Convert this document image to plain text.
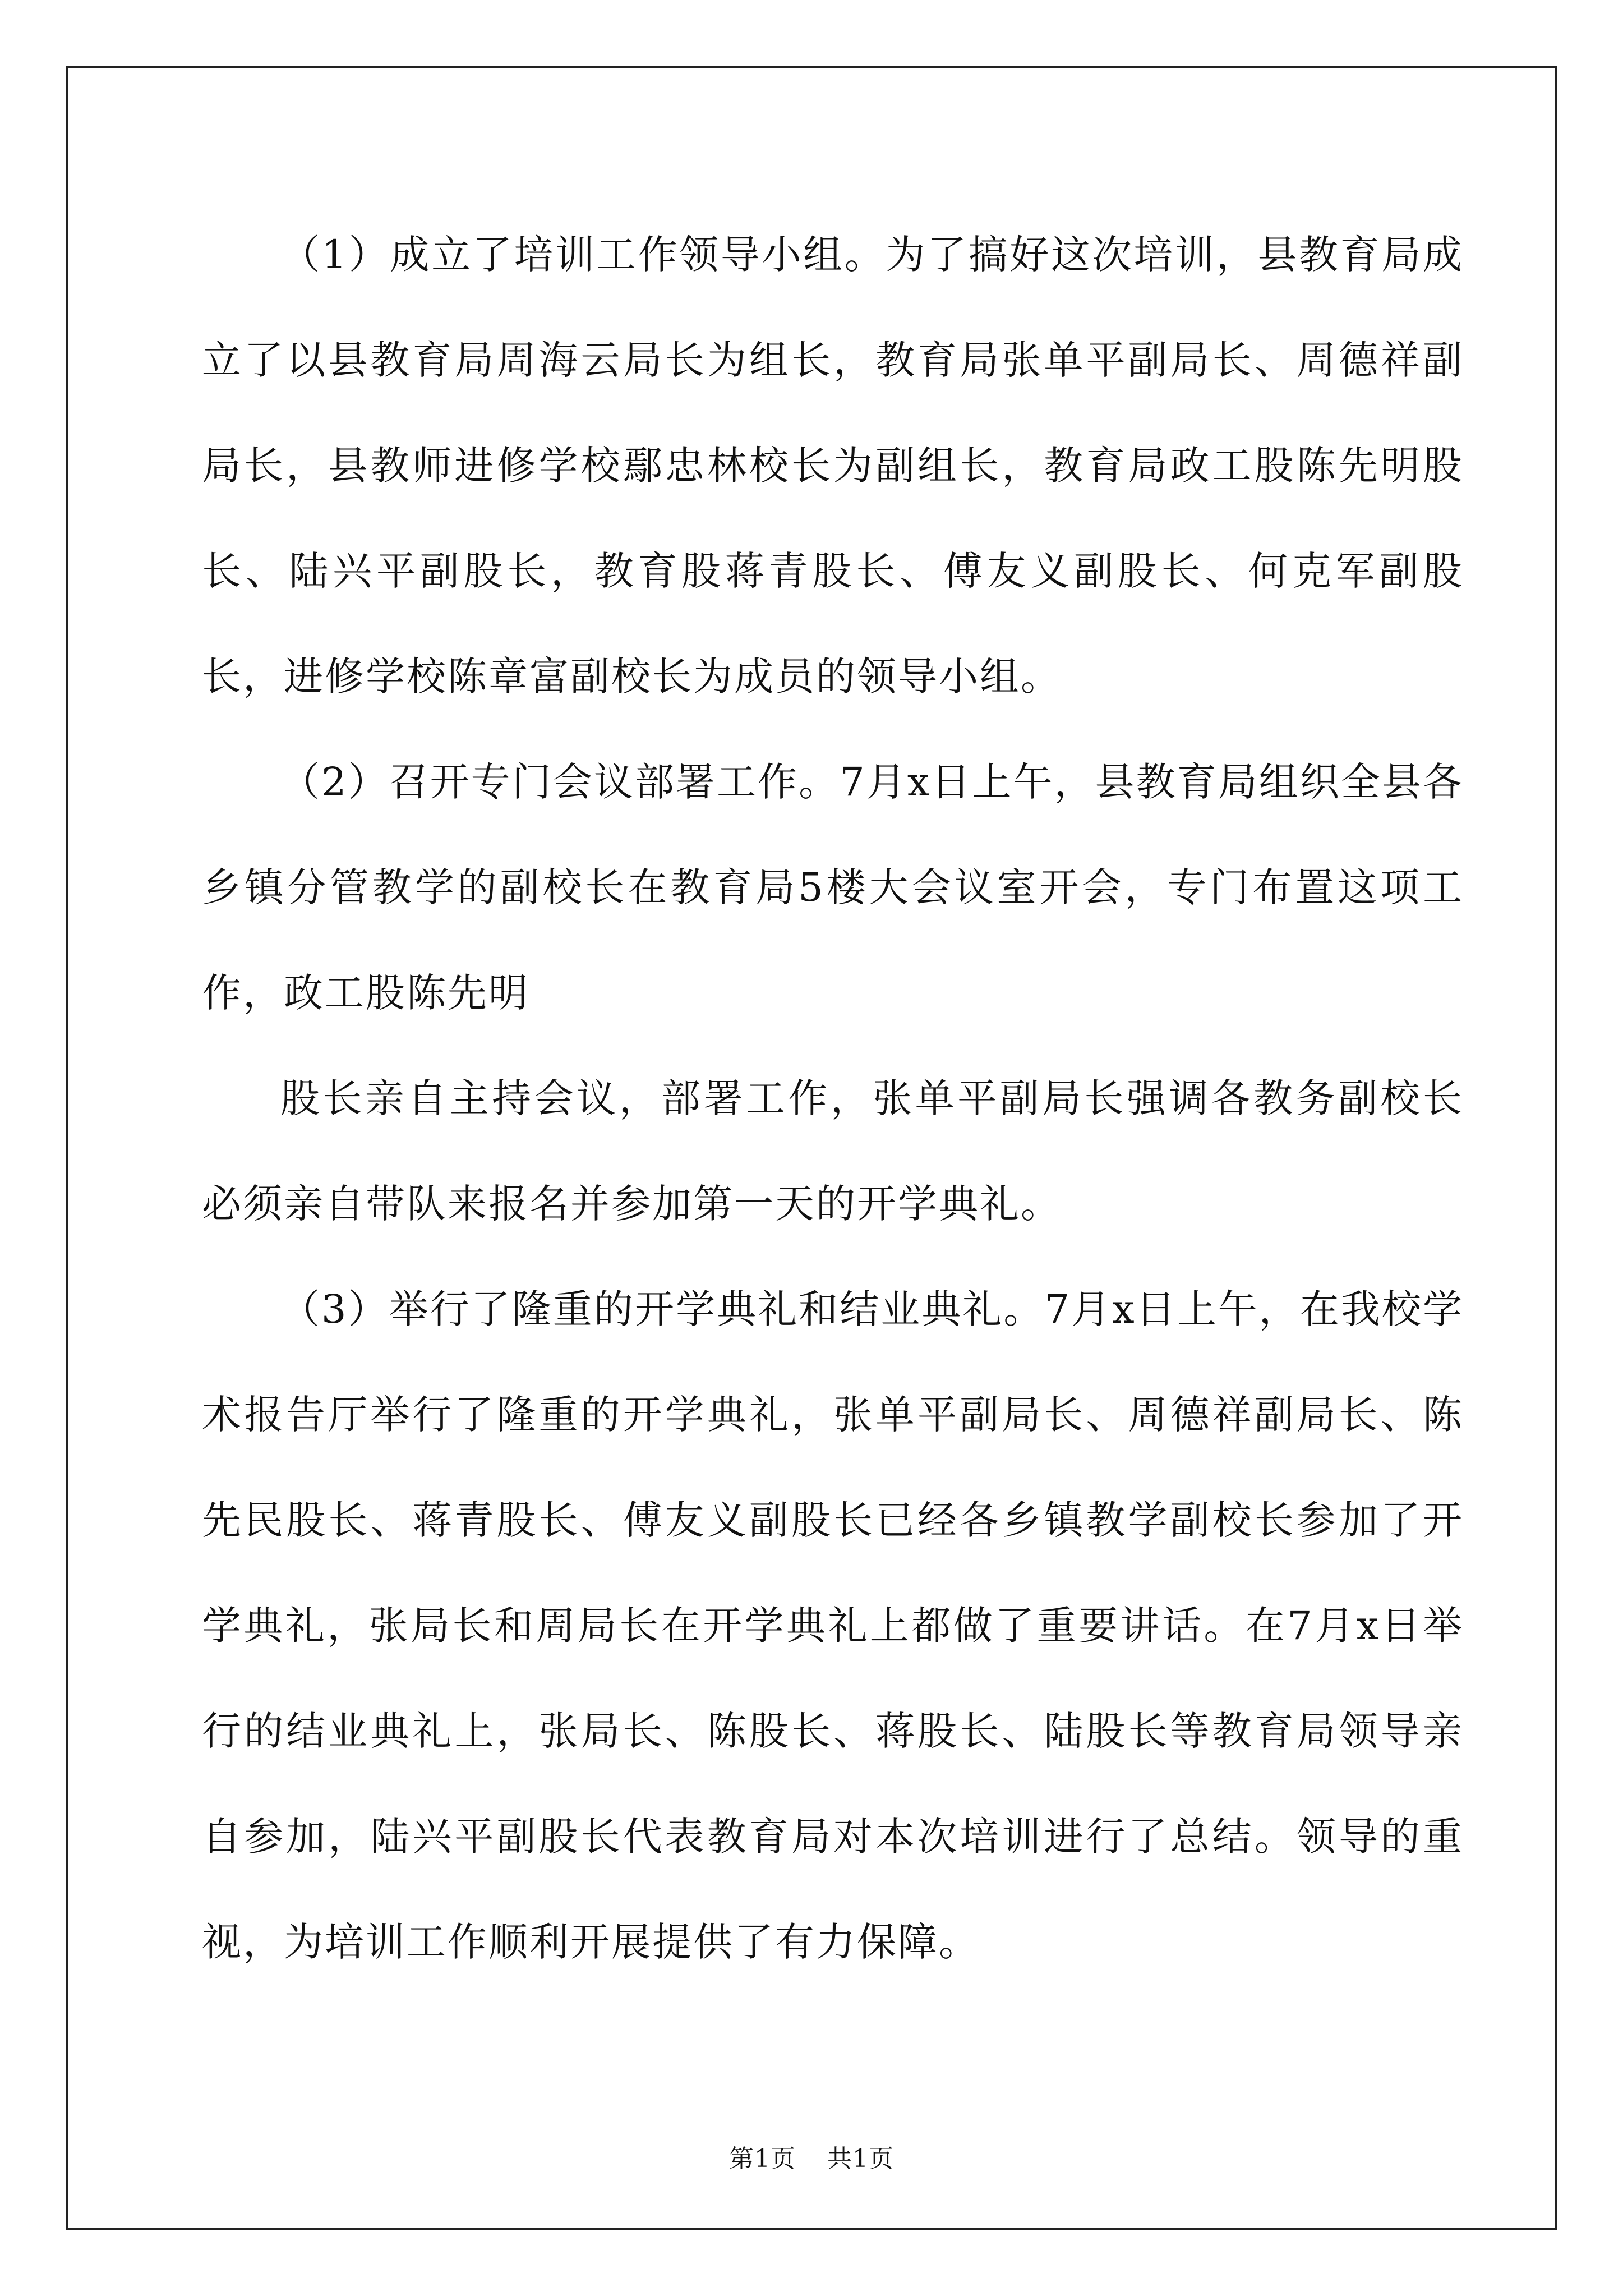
（1）成立了培训工作领导小组。为了搞好这次培训，县教育局成立了以县教育局周海云局长为组长，教育局张单平副局长、周德祥副局长，县教师进修学校鄢忠林校长为副组长，教育局政工股陈先明股长、陆兴平副股长，教育股蒋青股长、傅友义副股长、何克军副股长，进修学校陈章富副校长为成员的领导小组。

（2）召开专门会议部署工作。7月x日上午，县教育局组织全县各乡镇分管教学的副校长在教育局5楼大会议室开会，专门布置这项工作，政工股陈先明

股长亲自主持会议，部署工作，张单平副局长强调各教务副校长必须亲自带队来报名并参加第一天的开学典礼。

（3）举行了隆重的开学典礼和结业典礼。7月x日上午，在我校学术报告厅举行了隆重的开学典礼，张单平副局长、周德祥副局长、陈先民股长、蒋青股长、傅友义副股长已经各乡镇教学副校长参加了开学典礼，张局长和周局长在开学典礼上都做了重要讲话。在7月x日举行的结业典礼上，张局长、陈股长、蒋股长、陆股长等教育局领导亲自参加，陆兴平副股长代表教育局对本次培训进行了总结。领导的重视，为培训工作顺利开展提供了有力保障。

第1页 共1页
